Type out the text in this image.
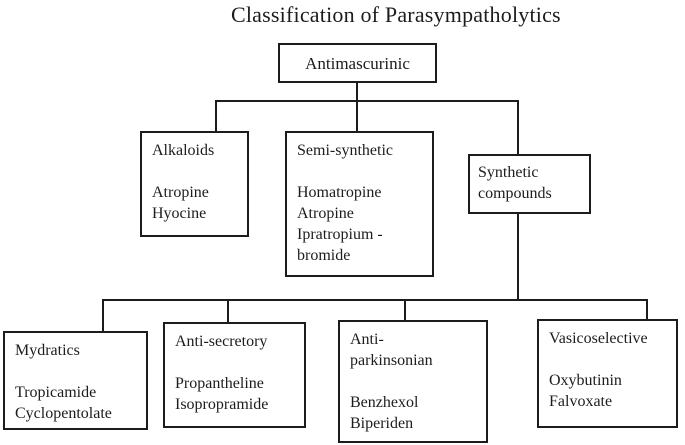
Classification of Parasympatholytics
Antimascurinic
Alkaloids
Atropine
Hyocine
Semi-synthetic
Homatropine
Atropine
Ipratropium - bromide
Synthetic compounds
Mydratics
Tropicamide
Cyclopentolate
Anti-secretory
Propantheline
Isopropramide
Anti-parkinsonian
Benzhexol
Biperiden
Vasicoselective
Oxybutinin
Falvoxate
